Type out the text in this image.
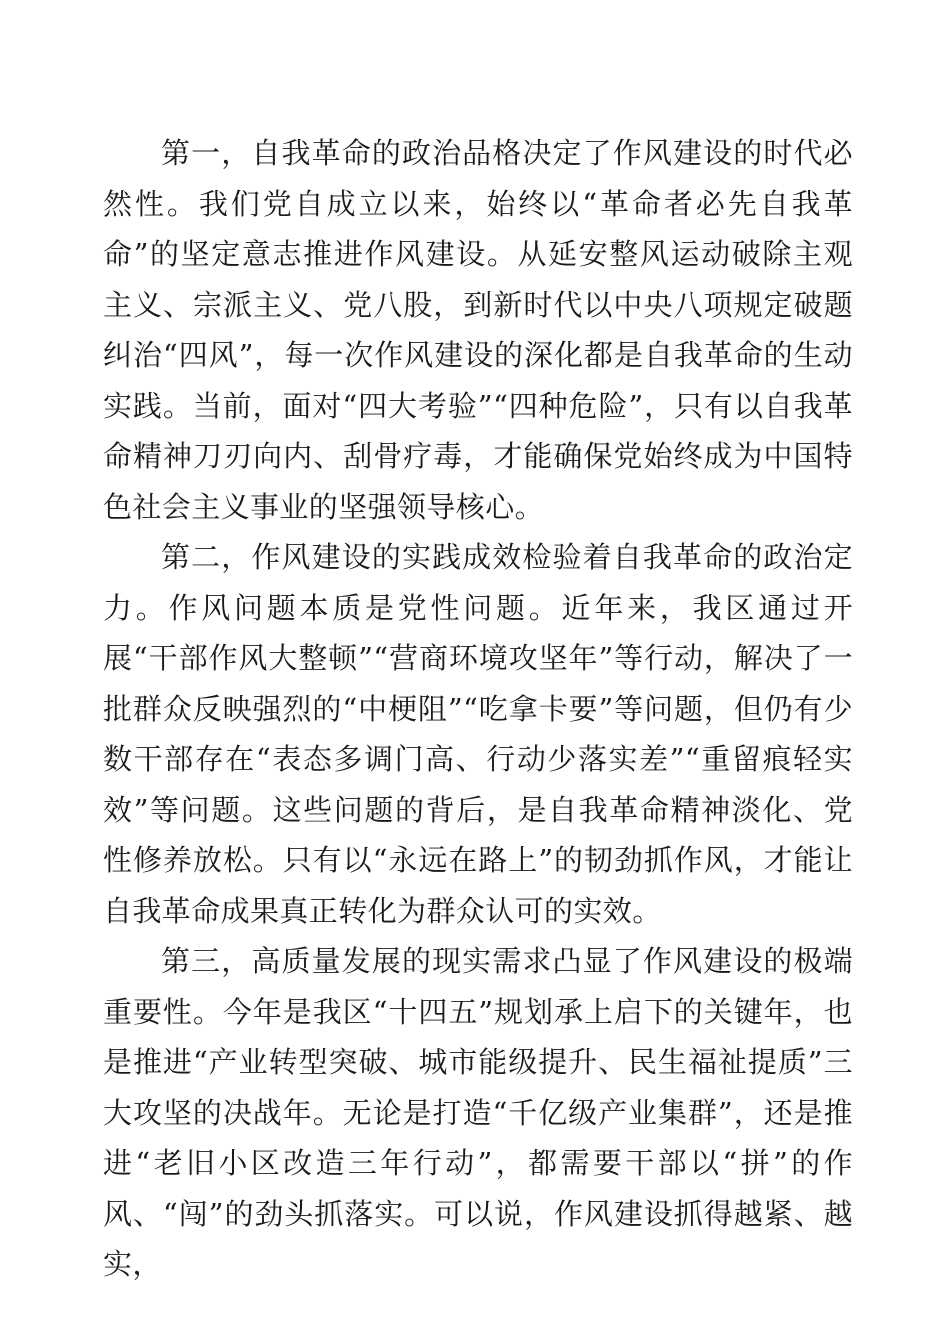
第一，自我革命的政治品格决定了作风建设的时代必然性。我们党自成立以来，始终以“革命者必先自我革命”的坚定意志推进作风建设。从延安整风运动破除主观主义、宗派主义、党八股，到新时代以中央八项规定破题纠治“四风”，每一次作风建设的深化都是自我革命的生动实践。当前，面对“四大考验”“四种危险”，只有以自我革命精神刀刃向内、刮骨疗毒，才能确保党始终成为中国特色社会主义事业的坚强领导核心。

第二，作风建设的实践成效检验着自我革命的政治定力。作风问题本质是党性问题。近年来，我区通过开展“干部作风大整顿”“营商环境攻坚年”等行动，解决了一批群众反映强烈的“中梗阻”“吃拿卡要”等问题，但仍有少数干部存在“表态多调门高、行动少落实差”“重留痕轻实效”等问题。这些问题的背后，是自我革命精神淡化、党性修养放松。只有以“永远在路上”的韧劲抓作风，才能让自我革命成果真正转化为群众认可的实效。

第三，高质量发展的现实需求凸显了作风建设的极端重要性。今年是我区“十四五”规划承上启下的关键年，也是推进“产业转型突破、城市能级提升、民生福祉提质”三大攻坚的决战年。无论是打造“千亿级产业集群”，还是推进“老旧小区改造三年行动”，都需要干部以“拼”的作风、“闯”的劲头抓落实。可以说，作风建设抓得越紧、越实，
